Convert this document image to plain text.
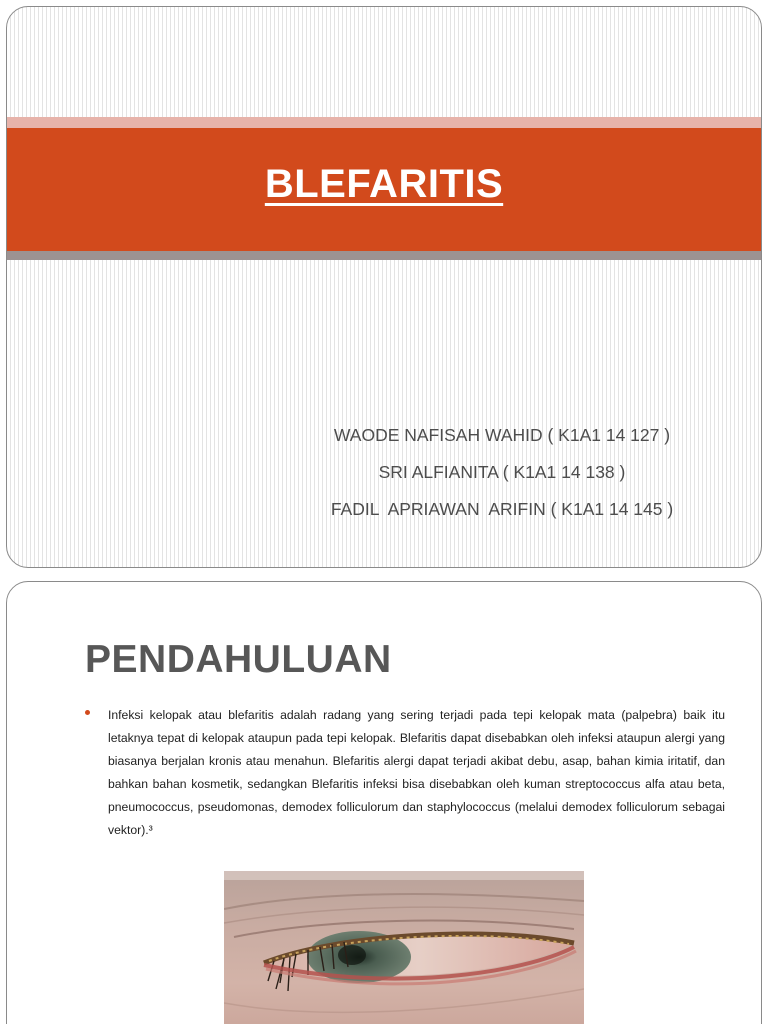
BLEFARITIS
WAODE NAFISAH WAHID ( K1A1 14 127 )
SRI ALFIANITA ( K1A1 14 138 )
FADIL  APRIAWAN  ARIFIN ( K1A1 14 145 )
PENDAHULUAN
Infeksi kelopak atau blefaritis adalah radang yang sering terjadi pada tepi kelopak mata (palpebra) baik itu letaknya tepat di kelopak ataupun pada tepi kelopak. Blefaritis dapat disebabkan oleh infeksi ataupun alergi yang biasanya berjalan kronis atau menahun. Blefaritis alergi dapat terjadi akibat debu, asap, bahan kimia iritatif, dan bahkan bahan kosmetik, sedangkan Blefaritis infeksi bisa disebabkan oleh kuman streptococcus alfa atau beta, pneumococcus, pseudomonas, demodex folliculorum dan staphylococcus (melalui demodex folliculorum sebagai vektor).³
